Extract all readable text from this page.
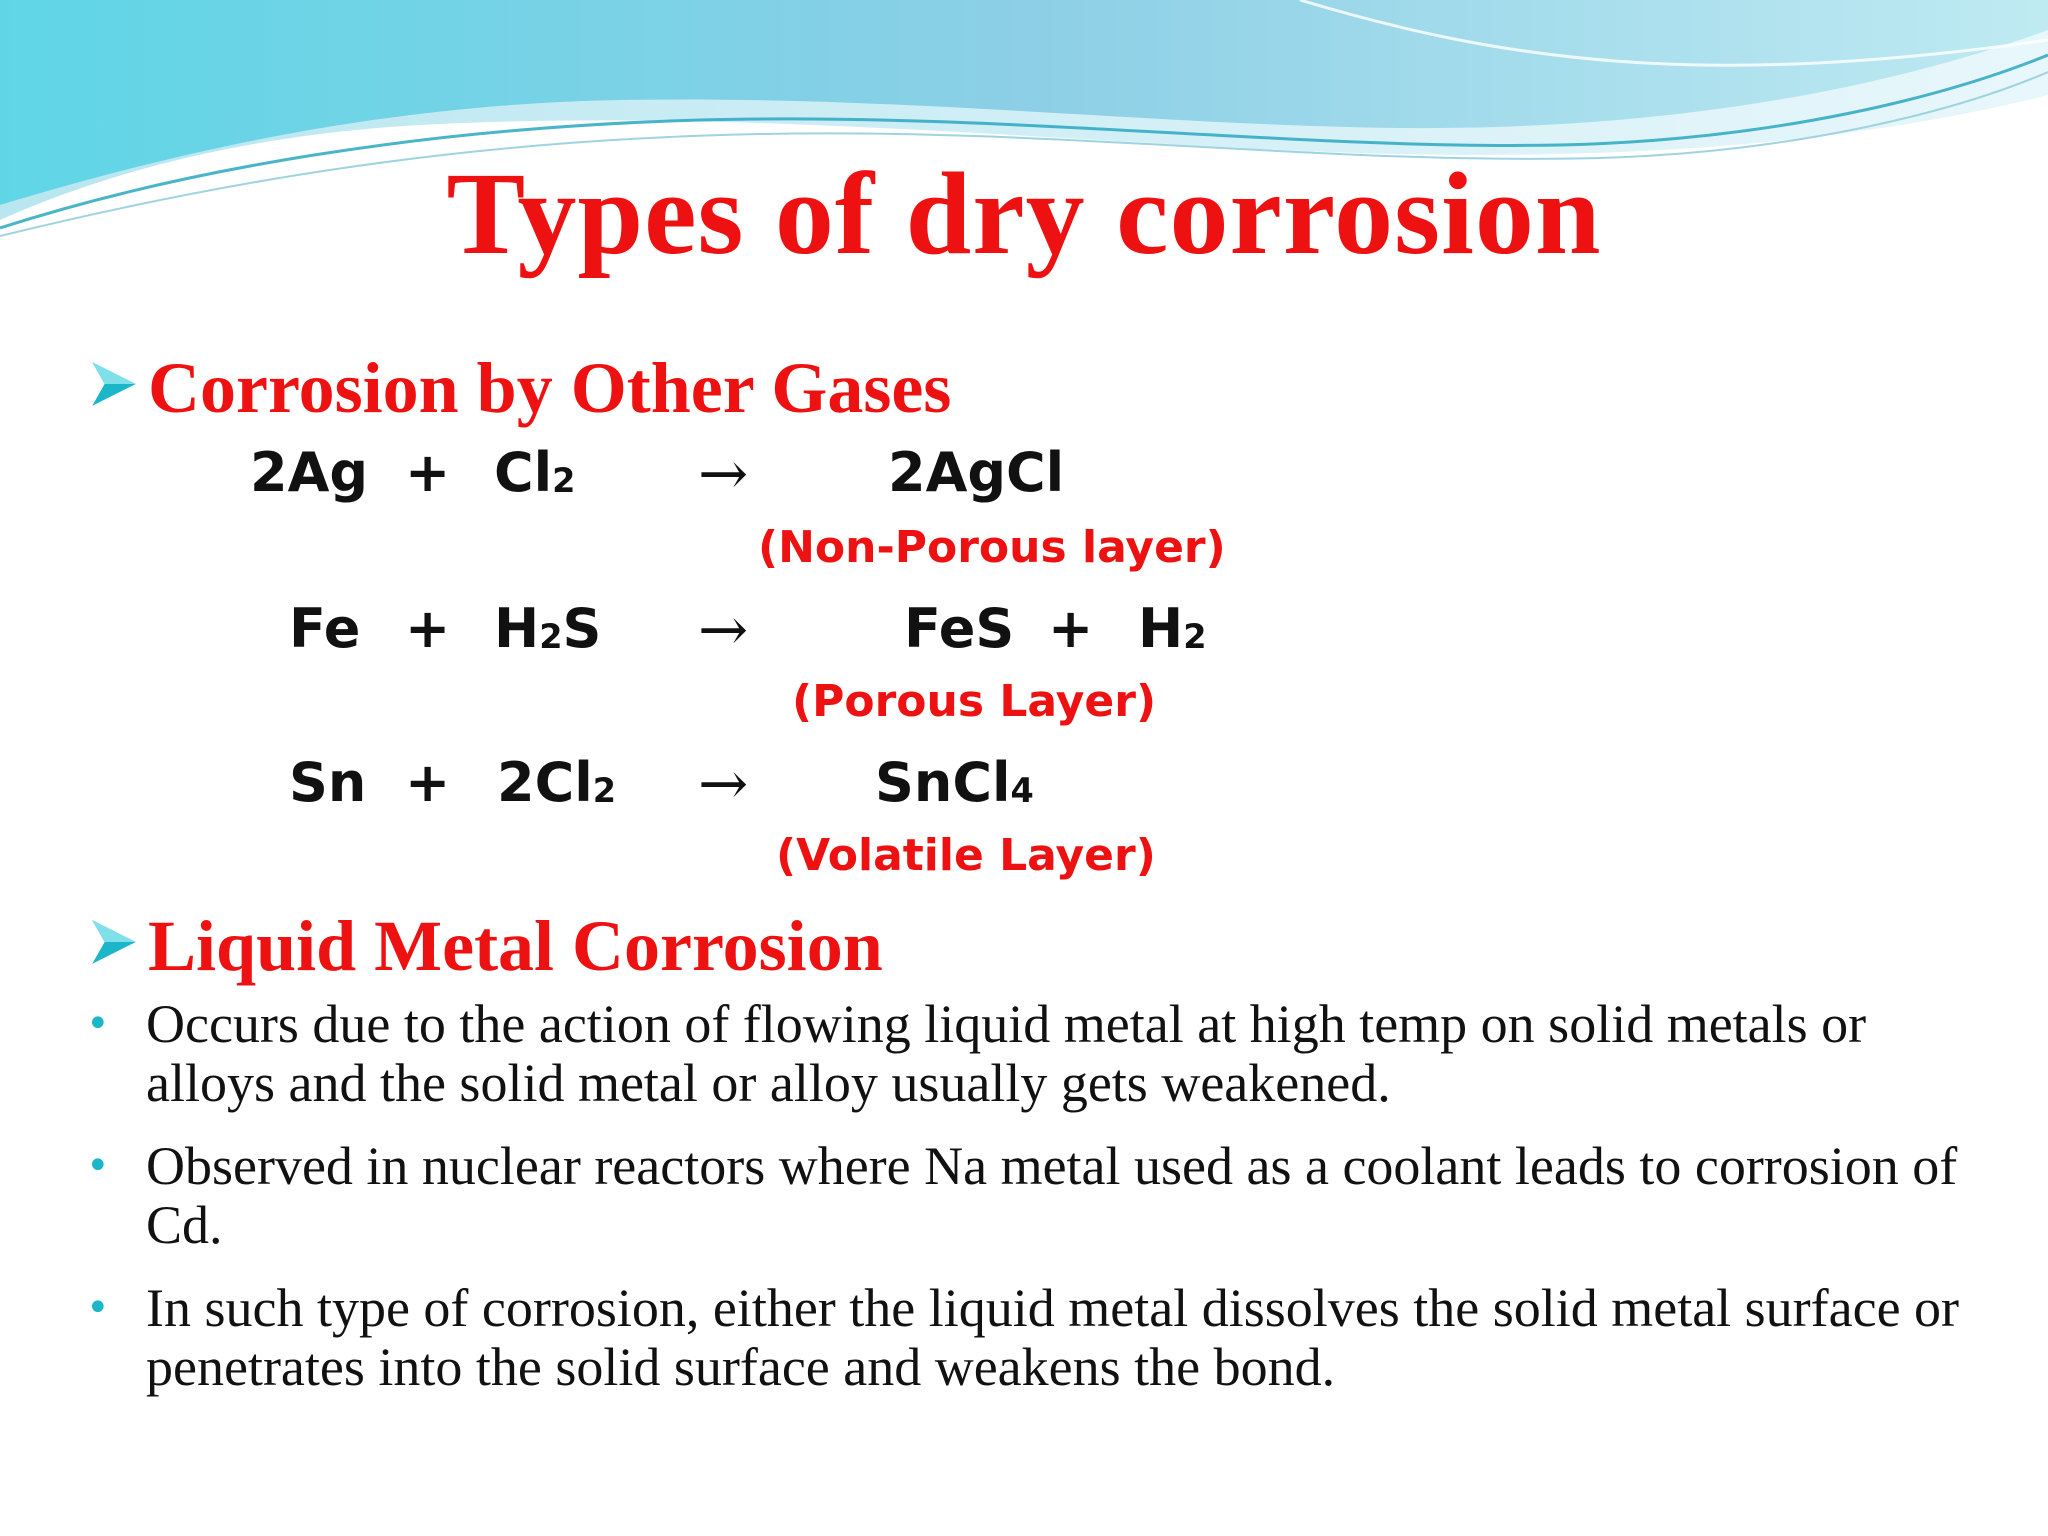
Types of dry corrosion
Corrosion by Other Gases
$2Ag + Cl_2$ →	2AgCl
(Non-Porous layer)
$Fe + H_2S$ →	FeS + $H_2$
(Porous Layer)
$Sn + 2Cl_2$ → SnCl$_4$
(Volatile Layer)
Liquid Metal Corrosion
• Occurs due to the action of flowing liquid metal at high temp on solid metals or alloys and the solid metal or alloy usually gets weakened.
• Observed in nuclear reactors where Na metal used as a coolant leads to corrosion of Cd.
• In such type of corrosion, either the liquid metal dissolves the solid metal surface or penetrates into the solid surface and weakens the bond.
